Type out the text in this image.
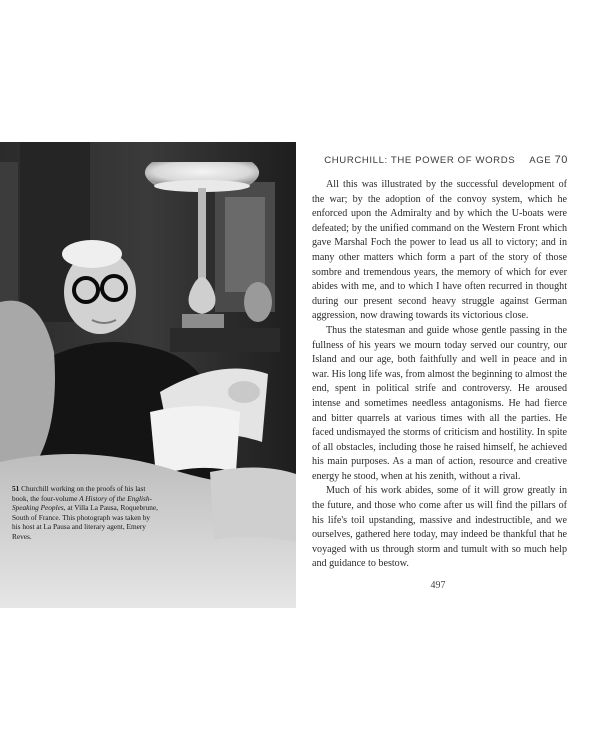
51 Churchill working on the proofs of his last book, the four-volume A History of the English-Speaking Peoples, at Villa La Pausa, Roquebrune, South of France. This photograph was taken by his host at La Pausa and literary agent, Emery Reves.
CHURCHILL: THE POWER OF WORDS AGE 70

All this was illustrated by the successful development of the war; by the adoption of the convoy system, which he enforced upon the Admiralty and by which the U-boats were defeated; by the unified command on the Western Front which gave Marshal Foch the power to lead us all to victory; and in many other matters which form a part of the story of those sombre and tremendous years, the memory of which for ever abides with me, and to which I have often recurred in thought during our present second heavy struggle against German aggression, now drawing towards its victorious close.

Thus the statesman and guide whose gentle passing in the fullness of his years we mourn today served our country, our Island and our age, both faithfully and well in peace and in war. His long life was, from almost the beginning to almost the end, spent in political strife and controversy. He aroused intense and sometimes needless antagonisms. He had fierce and bitter quarrels at various times with all the parties. He faced undismayed the storms of criticism and hostility. In spite of all obstacles, including those he raised himself, he achieved his main purposes. As a man of action, resource and creative energy he stood, when at his zenith, without a rival.

Much of his work abides, some of it will grow greatly in the future, and those who come after us will find the pillars of his life's toil upstanding, massive and indestructible, and we ourselves, gathered here today, may indeed be thankful that he voyaged with us through storm and tumult with so much help and guidance to bestow.

497
